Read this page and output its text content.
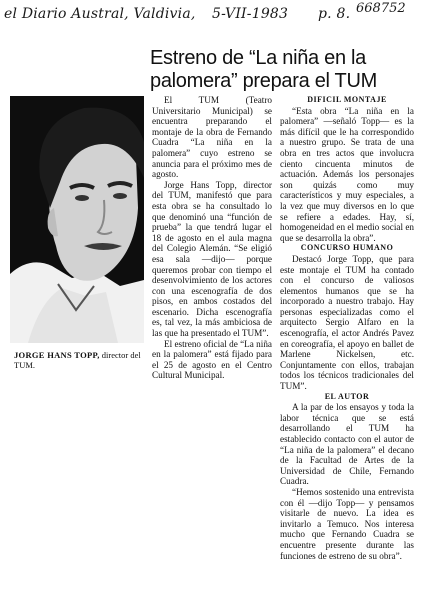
el Diario Austral, Valdivia, 5-VII-1983 p. 8. 668752
Estreno de “La niña en la
palomera” prepara el TUM
JORGE HANS TOPP, director del TUM.

El TUM (Teatro Universitario Municipal) se encuentra preparando el montaje de la obra de Fernando Cuadra “La niña en la palomera” cuyo estreno se anuncia para el próximo mes de agosto.

Jorge Hans Topp, director del TUM, manifestó que para esta obra se ha consultado lo que denominó una “función de prueba” la que tendrá lugar el 18 de agosto en el aula magna del Colegio Alemán. “Se eligió esa sala —dijo— porque queremos probar con tiempo el desenvolvimiento de los actores con una escenografía de dos pisos, en ambos costados del escenario. Dicha escenografía es, tal vez, la más ambiciosa de las que ha presentado el TUM”.

El estreno oficial de “La niña en la palomera” está fijado para el 25 de agosto en el Centro Cultural Municipal.

DIFICIL MONTAJE

“Esta obra “La niña en la palomera” —señaló Topp— es la más difícil que le ha correspondido a nuestro grupo. Se trata de una obra en tres actos que involucra ciento cincuenta minutos de actuación. Además los personajes son quizás como muy característicos y muy especiales, a la vez que muy diversos en lo que se refiere a edades. Hay, sí, homogeneidad en el medio social en que se desarrolla la obra”.

CONCURSO HUMANO

Destacó Jorge Topp, que para este montaje el TUM ha contado con el concurso de valiosos elementos humanos que se ha incorporado a nuestro trabajo. Hay personas especializadas como el arquitecto Sergio Alfaro en la escenografía, el actor Andrés Pavez en coreografía, el apoyo en ballet de Marlene Nickelsen, etc. Conjuntamente con ellos, trabajan todos los técnicos tradicionales del TUM”.

EL AUTOR

A la par de los ensayos y toda la labor técnica que se está desarrollando el TUM ha establecido contacto con el autor de “La niña de la palomera” el decano de la Facultad de Artes de la Universidad de Chile, Fernando Cuadra.

“Hemos sostenido una entrevista con él —dijo Topp— y pensamos visitarle de nuevo. La idea es invitarlo a Temuco. Nos interesa mucho que Fernando Cuadra se encuentre presente durante las funciones de estreno de su obra”.
